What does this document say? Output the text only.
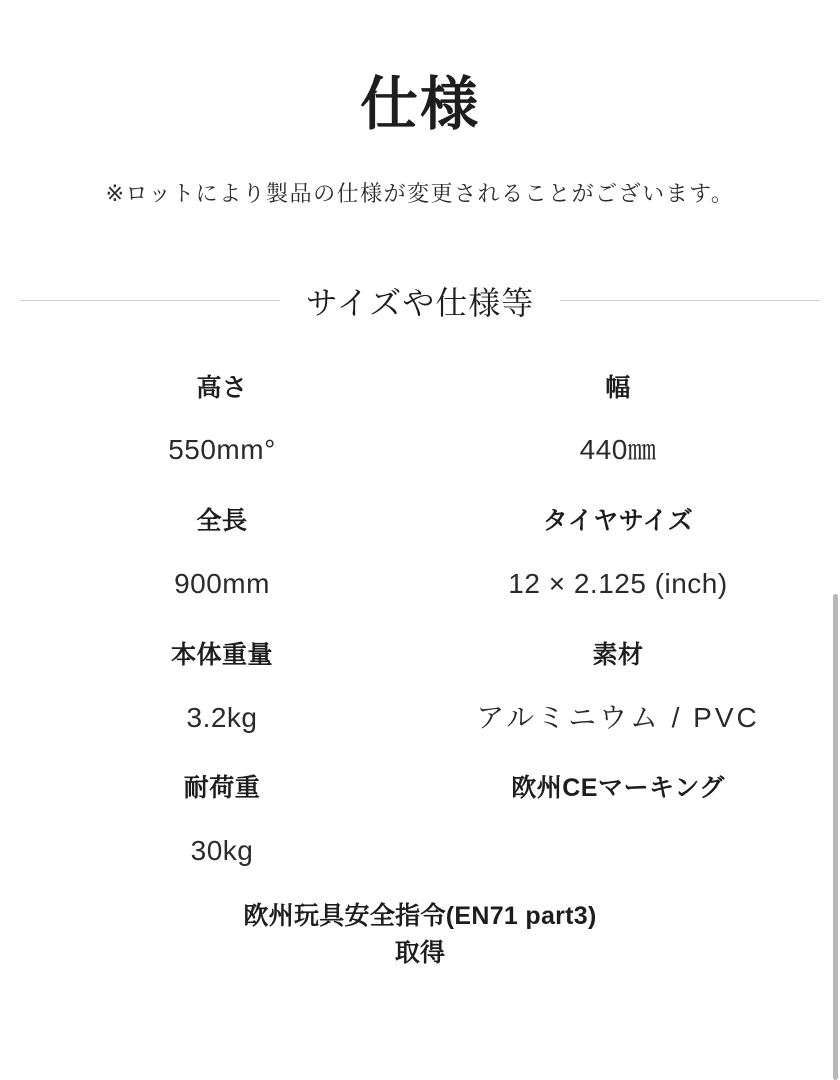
仕様

※ロットにより製品の仕様が変更されることがございます。

サイズや仕様等
高さ
550mm°
幅
440㎜
全長
900mm
タイヤサイズ
12 × 2.125 (inch)
本体重量
3.2kg
素材
アルミニウム / PVC
耐荷重
30kg
欧州CEマーキング
欧州玩具安全指令(EN71 part3)
取得
